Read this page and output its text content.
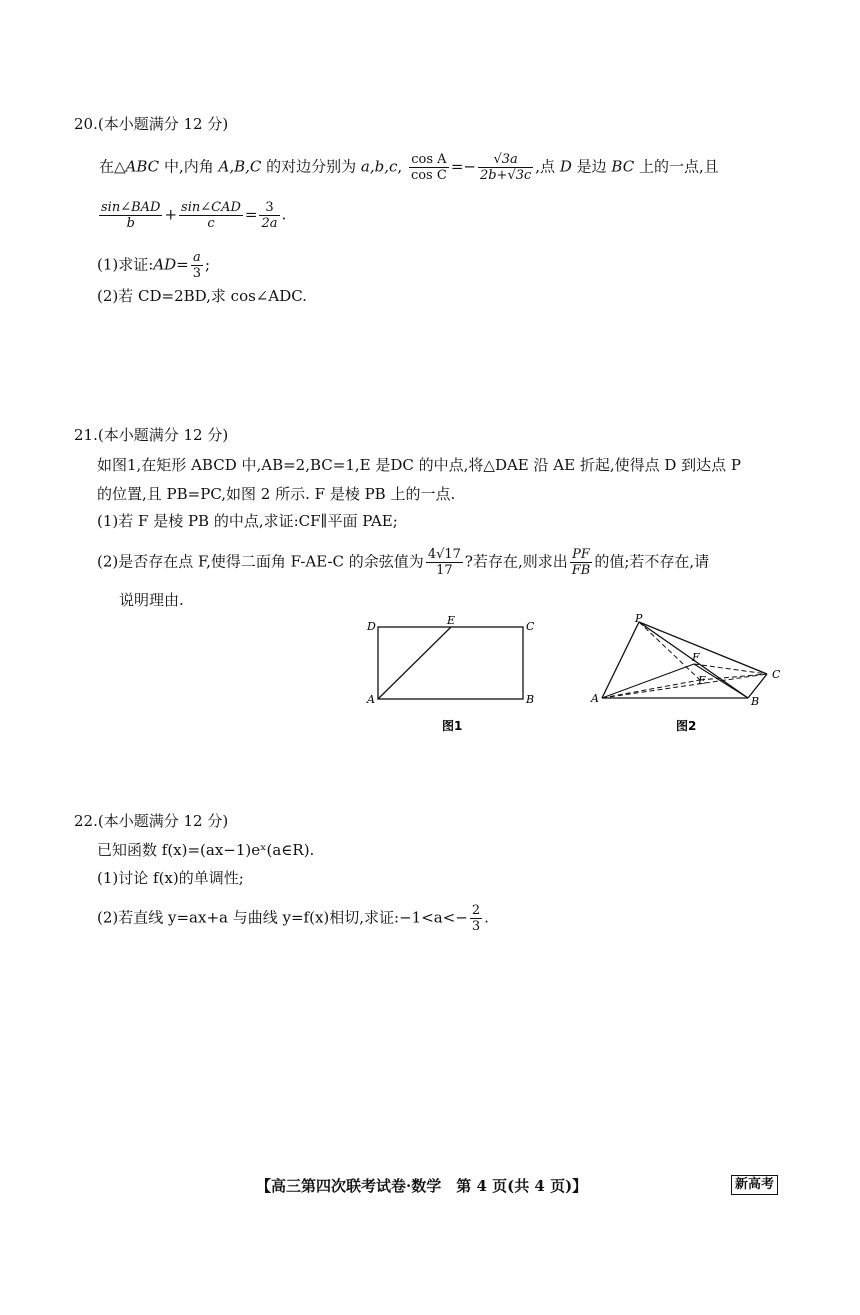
20.(本小题满分 12 分)
在△ABC 中,内角 A,B,C 的对边分别为 a,b,c, $\frac{\text{cos A}}{\text{cos C}} =- \frac{√3a}{2b+√3c}$ ,点 D 是边 BC 上的一点,且
$\frac{\text{sin∠BAD}}{b} + \frac{\text{sin∠CAD}}{c} = \frac{3}{2a}$ .
(1)求证:AD= $\frac{a}{3}$ ;
(2)若 CD=2BD,求 cos∠ADC.
21.(本小题满分 12 分)
如图1,在矩形 ABCD 中,AB=2,BC=1,E 是DC 的中点,将△DAE 沿 AE 折起,使得点 D 到达点 P
的位置,且 PB=PC,如图 2 所示. F 是棱 PB 上的一点.
(1)若 F 是棱 PB 的中点,求证:CF∥平面 PAE;
(2)是否存在点 F,使得二面角 F-AE-C 的余弦值为 $\frac{4√17}{17}$ ?若存在,则求出 $\frac{PF}{FB}$ 的值;若不存在,请
说明理由.
D	E	C
A	B
图1
P
F
E	C
A	B
图2
22.(本小题满分 12 分)
已知函数 f(x)=(ax−1)eˣ(a∈R).
(1)讨论 f(x)的单调性;
(2)若直线 y=ax+a 与曲线 y=f(x)相切,求证:−1<a<− $\frac{2}{3}$ .
【高三第四次联考试卷·数学　第 4 页(共 4 页)】	新高考
